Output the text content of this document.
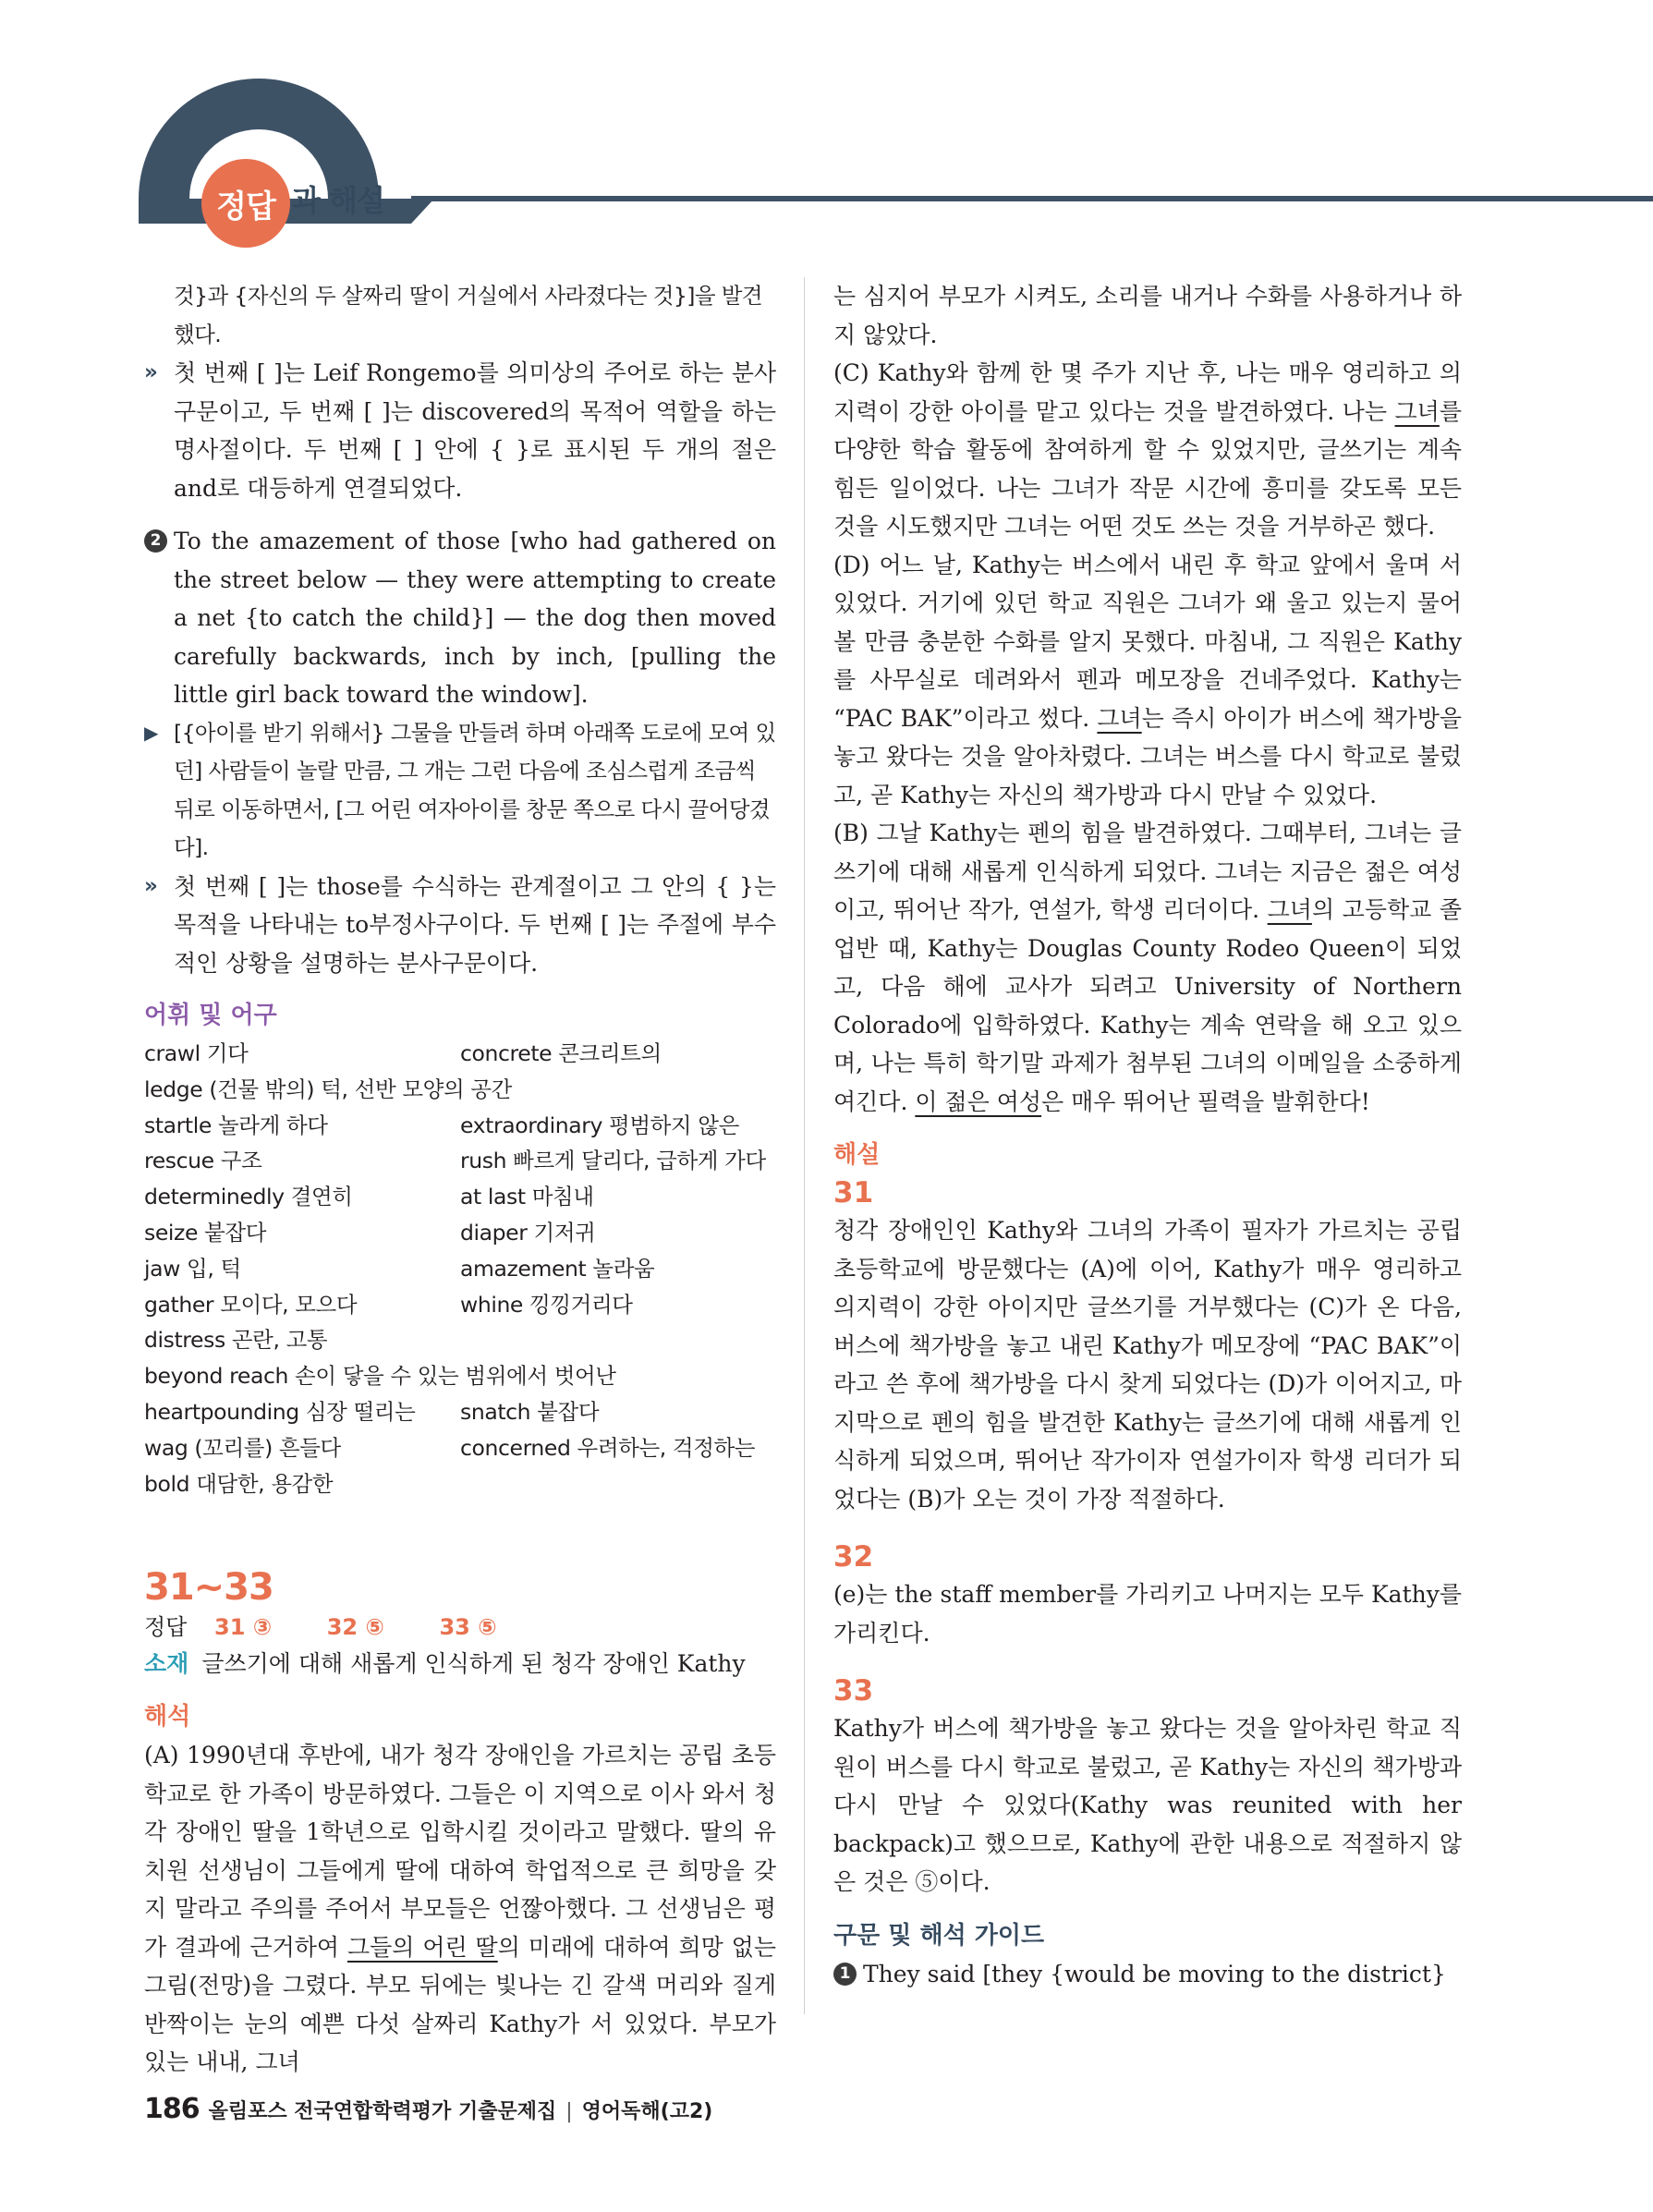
정답 과 해설

것}과 {자신의 두 살짜리 딸이 거실에서 사라졌다는 것}]을 발견했다.

» 첫 번째 [ ]는 Leif Rongemo를 의미상의 주어로 하는 분사구문이고, 두 번째 [ ]는 discovered의 목적어 역할을 하는 명사절이다. 두 번째 [ ] 안에 { }로 표시된 두 개의 절은 and로 대등하게 연결되었다.
2 To the amazement of those [who had gathered on the street below — they were attempting to create a net {to catch the child}] — the dog then moved carefully backwards, inch by inch, [pulling the little girl back toward the window].
▶ [{아이를 받기 위해서} 그물을 만들려 하며 아래쪽 도로에 모여 있던] 사람들이 놀랄 만큼, 그 개는 그런 다음에 조심스럽게 조금씩 뒤로 이동하면서, [그 어린 여자아이를 창문 쪽으로 다시 끌어당겼다].
» 첫 번째 [ ]는 those를 수식하는 관계절이고 그 안의 { }는 목적을 나타내는 to부정사구이다. 두 번째 [ ]는 주절에 부수적인 상황을 설명하는 분사구문이다.

어휘 및 어구

crawl 기다	concrete 콘크리트의
ledge (건물 밖의) 턱, 선반 모양의 공간
startle 놀라게 하다	extraordinary 평범하지 않은
rescue 구조	rush 빠르게 달리다, 급하게 가다
determinedly 결연히	at last 마침내
seize 붙잡다	diaper 기저귀
jaw 입, 턱	amazement 놀라움
gather 모이다, 모으다	whine 낑낑거리다
distress 곤란, 고통
beyond reach 손이 닿을 수 있는 범위에서 벗어난
heartpounding 심장 떨리는	snatch 붙잡다
wag (꼬리를) 흔들다	concerned 우려하는, 걱정하는
bold 대담한, 용감한
31~33
정답 31 ③ 32 ⑤ 33 ⑤
소재 글쓰기에 대해 새롭게 인식하게 된 청각 장애인 Kathy

해석

(A) 1990년대 후반에, 내가 청각 장애인을 가르치는 공립 초등학교로 한 가족이 방문하였다. 그들은 이 지역으로 이사 와서 청각 장애인 딸을 1학년으로 입학시킬 것이라고 말했다. 딸의 유치원 선생님이 그들에게 딸에 대하여 학업적으로 큰 희망을 갖지 말라고 주의를 주어서 부모들은 언짢아했다. 그 선생님은 평가 결과에 근거하여 그들의 어린 딸의 미래에 대하여 희망 없는 그림(전망)을 그렸다. 부모 뒤에는 빛나는 긴 갈색 머리와 질게 반짝이는 눈의 예쁜 다섯 살짜리 Kathy가 서 있었다. 부모가 있는 내내, 그녀

는 심지어 부모가 시켜도, 소리를 내거나 수화를 사용하거나 하지 않았다.

(C) Kathy와 함께 한 몇 주가 지난 후, 나는 매우 영리하고 의지력이 강한 아이를 맡고 있다는 것을 발견하였다. 나는 그녀를 다양한 학습 활동에 참여하게 할 수 있었지만, 글쓰기는 계속 힘든 일이었다. 나는 그녀가 작문 시간에 흥미를 갖도록 모든 것을 시도했지만 그녀는 어떤 것도 쓰는 것을 거부하곤 했다.

(D) 어느 날, Kathy는 버스에서 내린 후 학교 앞에서 울며 서 있었다. 거기에 있던 학교 직원은 그녀가 왜 울고 있는지 물어볼 만큼 충분한 수화를 알지 못했다. 마침내, 그 직원은 Kathy를 사무실로 데려와서 펜과 메모장을 건네주었다. Kathy는 “PAC BAK”이라고 썼다. 그녀는 즉시 아이가 버스에 책가방을 놓고 왔다는 것을 알아차렸다. 그녀는 버스를 다시 학교로 불렀고, 곧 Kathy는 자신의 책가방과 다시 만날 수 있었다.

(B) 그날 Kathy는 펜의 힘을 발견하였다. 그때부터, 그녀는 글쓰기에 대해 새롭게 인식하게 되었다. 그녀는 지금은 젊은 여성이고, 뛰어난 작가, 연설가, 학생 리더이다. 그녀의 고등학교 졸업반 때, Kathy는 Douglas County Rodeo Queen이 되었고, 다음 해에 교사가 되려고 University of Northern Colorado에 입학하였다. Kathy는 계속 연락을 해 오고 있으며, 나는 특히 학기말 과제가 첨부된 그녀의 이메일을 소중하게 여긴다. 이 젊은 여성은 매우 뛰어난 필력을 발휘한다!

해설

31

청각 장애인인 Kathy와 그녀의 가족이 필자가 가르치는 공립 초등학교에 방문했다는 (A)에 이어, Kathy가 매우 영리하고 의지력이 강한 아이지만 글쓰기를 거부했다는 (C)가 온 다음, 버스에 책가방을 놓고 내린 Kathy가 메모장에 “PAC BAK”이라고 쓴 후에 책가방을 다시 찾게 되었다는 (D)가 이어지고, 마지막으로 펜의 힘을 발견한 Kathy는 글쓰기에 대해 새롭게 인식하게 되었으며, 뛰어난 작가이자 연설가이자 학생 리더가 되었다는 (B)가 오는 것이 가장 적절하다.

32

(e)는 the staff member를 가리키고 나머지는 모두 Kathy를 가리킨다.

33

Kathy가 버스에 책가방을 놓고 왔다는 것을 알아차린 학교 직원이 버스를 다시 학교로 불렀고, 곧 Kathy는 자신의 책가방과 다시 만날 수 있었다(Kathy was reunited with her backpack)고 했으므로, Kathy에 관한 내용으로 적절하지 않은 것은 ⑤이다.

구문 및 해석 가이드

1 They said [they {would be moving to the district}
186 올림포스 전국연합학력평가 기출문제집 | 영어독해(고2)
